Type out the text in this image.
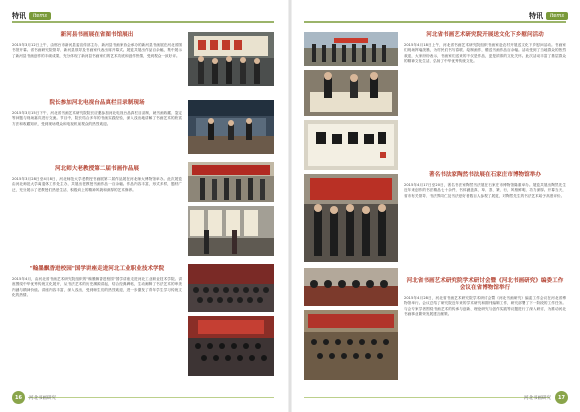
特讯	Items
新河县书画展在省图书馆展出
2015年3月12日上午，由邢台市新河县委宣传部主办、新河县书画家协会承办的新河县书画展在河北省图书馆开幕。省书画研究院领导、新河县领导及书画家代表出席开幕式。展览共展出作品百余幅，集中展示了新河县书画创作的丰硕成果，充分体现了新河县书画家们的艺术功底和创作热情，受到观众一致好评。
院长参加河北电视台品真栏目录制现场
2015年3月15日下午，河北省书画艺术研究院院长应邀参加河北电视台品真栏目录制，就书画收藏、鉴定等问题与现场嘉宾进行交流。节目中，院长结合多年的书画实践经验，深入浅出地讲解了书画艺术的欣赏方法和收藏知识，受到现场观众和电视机前观众的热烈欢迎。
河北师大老教授第二届书画作品展
2015年3月28日至4月8日，河北师范大学老教授书画展第二届作品展在河北师大博物馆举办。此次展览由河北师范大学离退休工作处主办，共展出老教授书画作品一百余幅。作品内容丰富，形式多样，题材广泛，充分展示了老教授们热爱生活、积极向上的精神风貌和深厚的艺术修养。
"翰墨飘香进校园"国学讲座走进河北工业职业技术学院
2015年4月，由河北省书画艺术研究院组织的"翰墨飘香进校园"国学讲座走进河北工业职业技术学院。讲座围绕中华优秀传统文化展开，从书法艺术的历史渊源讲起，结合经典碑帖，生动阐释了书法艺术的审美内涵与精神价值。讲座内容丰富，深入浅出，受到师生们的热烈欢迎，进一步激发了青年学生学习传统文化的热情。
16	河北书画研究
特讯	Items
河北省书画艺术研究院开展送文化下乡慰问活动
2015年4月18日上午，河北省书画艺术研究院组织书画家赴农村开展送文化下乡慰问活动。书画家们现场挥毫泼墨，为村民们书写春联、绘制画作，赠送书画作品百余幅。活动受到了当地群众的热烈欢迎，大家纷纷表示，书画家们送来的不仅是作品，更是浓浓的文化关怀。此次活动丰富了基层群众的精神文化生活，弘扬了中华优秀传统文化。
著名书法家陶然书法展在石家庄市博物馆举办
2015年4月17日至20日，著名书法家陶然书法展在石家庄市博物馆隆重举办。展览共展出陶然先生近年来创作的书法精品七十余件，书体涵盖真、草、隶、篆、行，风格鲜明，功力深厚。开幕当天，省市有关领导、书法界同仁及书法爱好者数百人参观了展览，对陶然先生的书法艺术给予高度评价。
河北省书画艺术研究院学术研讨会暨《河北书画研究》编委工作会议在省博物馆举行
2015年4月28日，河北省书画艺术研究院学术研讨会暨《河北书画研究》编委工作会议在河北省博物馆举行。会议总结了研究院近年来的学术研究和期刊编辑工作，研究部署了下一阶段的工作任务。与会专家学者围绕书画艺术的传承与创新、理论研究与创作实践等议题进行了深入研讨，为推动河北书画事业繁荣发展建言献策。
河北书画研究	17
